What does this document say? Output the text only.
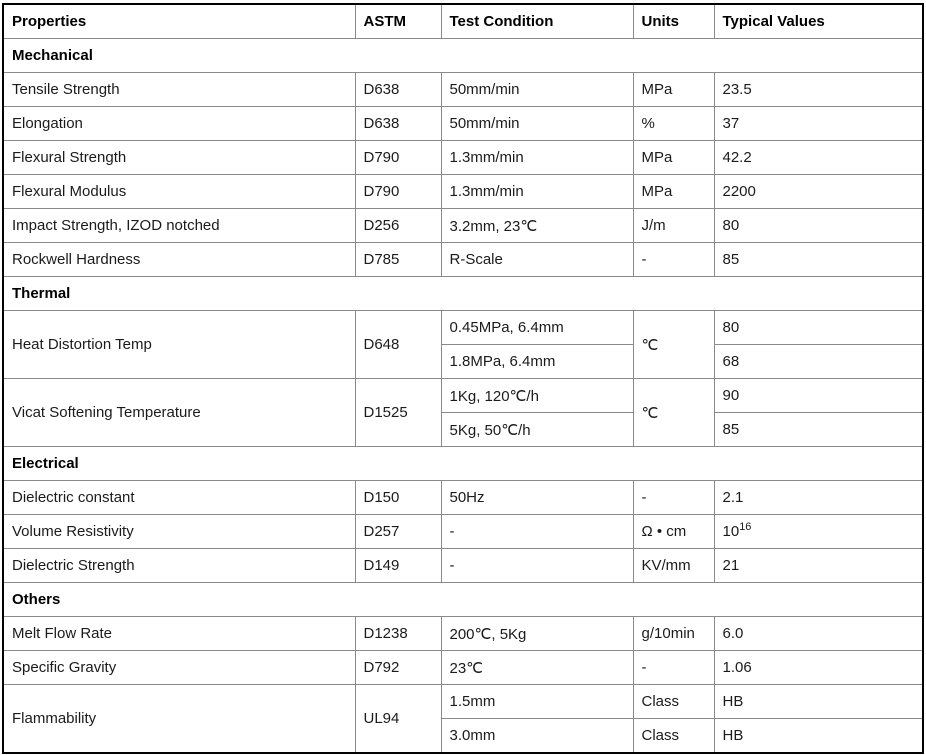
Properties	ASTM	Test Condition	Units	Typical Values
Mechanical				
Tensile Strength	D638	50mm/min	MPa	23.5
Elongation	D638	50mm/min	%	37
Flexural Strength	D790	1.3mm/min	MPa	42.2
Flexural Modulus	D790	1.3mm/min	MPa	2200
Impact Strength, IZOD notched	D256	3.2mm, 23℃	J/m	80
Rockwell Hardness	D785	R-Scale	-	85
Thermal				
Heat Distortion Temp	D648	0.45MPa, 6.4mm	℃	80
		1.8MPa, 6.4mm		68
Vicat Softening Temperature	D1525	1Kg, 120℃/h	℃	90
		5Kg, 50℃/h		85
Electrical				
Dielectric constant	D150	50Hz	-	2.1
Volume Resistivity	D257	-	Ω • cm	$10^{16}$
Dielectric Strength	D149	-	KV/mm	21
Others				
Melt Flow Rate	D1238	200℃, 5Kg	g/10min	6.0
Specific Gravity	D792	23℃	-	1.06
Flammability	UL94	1.5mm	Class	HB
		3.0mm	Class	HB
